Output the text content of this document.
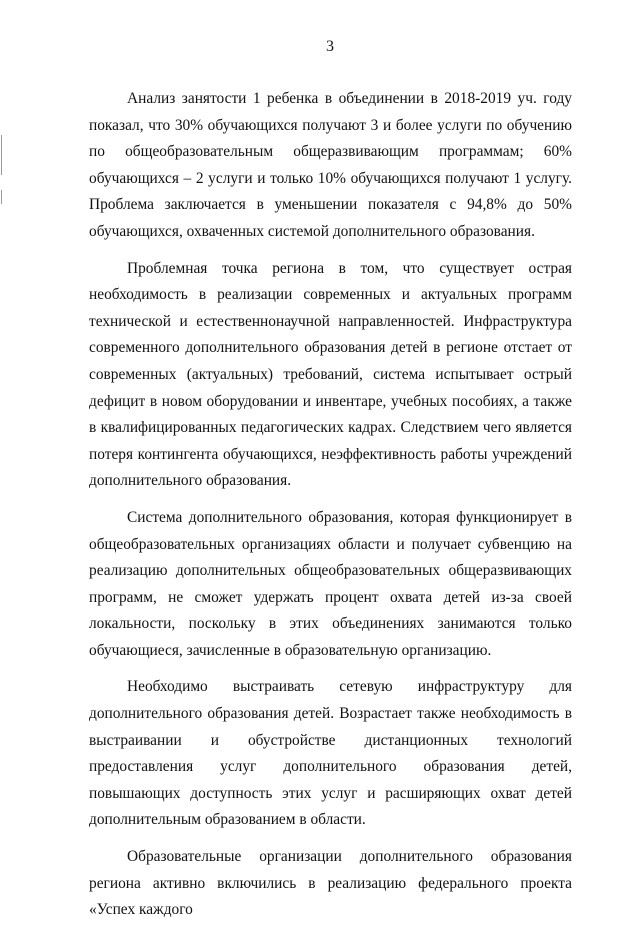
3

Анализ занятости 1 ребенка в объединении в 2018-2019 уч. году показал, что 30% обучающихся получают 3 и более услуги по обучению по общеобразовательным общеразвивающим программам; 60% обучающихся – 2 услуги и только 10% обучающихся получают 1 услугу. Проблема заключается в уменьшении показателя с 94,8% до 50% обучающихся, охваченных системой дополнительного образования.

Проблемная точка региона в том, что существует острая необходимость в реализации современных и актуальных программ технической и естественнонаучной направленностей. Инфраструктура современного дополнительного образования детей в регионе отстает от современных (актуальных) требований, система испытывает острый дефицит в новом оборудовании и инвентаре, учебных пособиях, а также в квалифицированных педагогических кадрах. Следствием чего является потеря контингента обучающихся, неэффективность работы учреждений дополнительного образования.

Система дополнительного образования, которая функционирует в общеобразовательных организациях области и получает субвенцию на реализацию дополнительных общеобразовательных общеразвивающих программ, не сможет удержать процент охвата детей из-за своей локальности, поскольку в этих объединениях занимаются только обучающиеся, зачисленные в образовательную организацию.

Необходимо выстраивать сетевую инфраструктуру для дополнительного образования детей. Возрастает также необходимость в выстраивании и обустройстве дистанционных технологий предоставления услуг дополнительного образования детей, повышающих доступность этих услуг и расширяющих охват детей дополнительным образованием в области.

Образовательные организации дополнительного образования региона активно включились в реализацию федерального проекта «Успех каждого
